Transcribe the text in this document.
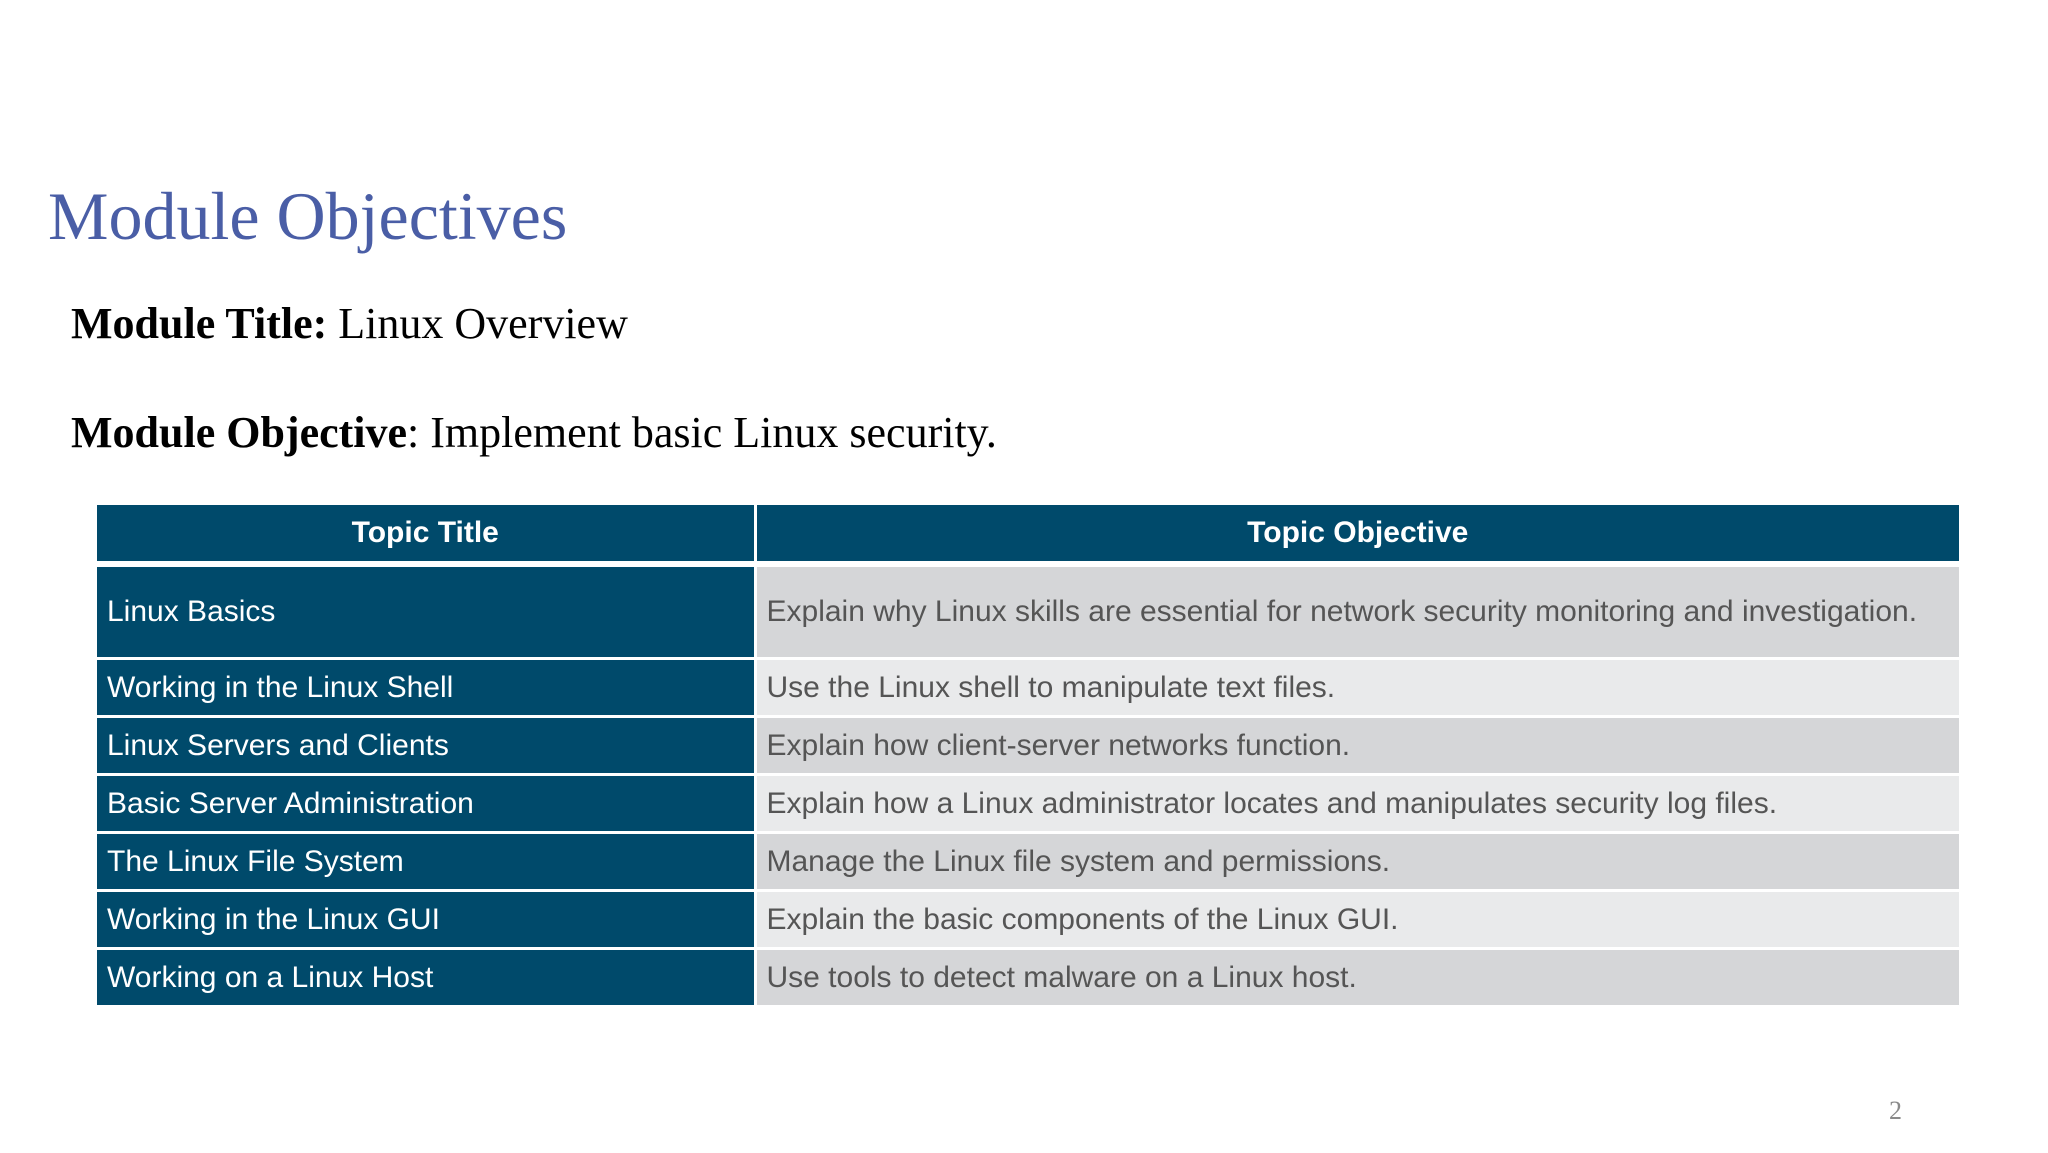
Module Objectives
Module Title: Linux Overview
Module Objective: Implement basic Linux security.
Topic Title	Topic Objective
Linux Basics	Explain why Linux skills are essential for network security monitoring and investigation.
Working in the Linux Shell	Use the Linux shell to manipulate text files.
Linux Servers and Clients	Explain how client-server networks function.
Basic Server Administration	Explain how a Linux administrator locates and manipulates security log files.
The Linux File System	Manage the Linux file system and permissions.
Working in the Linux GUI	Explain the basic components of the Linux GUI.
Working on a Linux Host	Use tools to detect malware on a Linux host.
2
